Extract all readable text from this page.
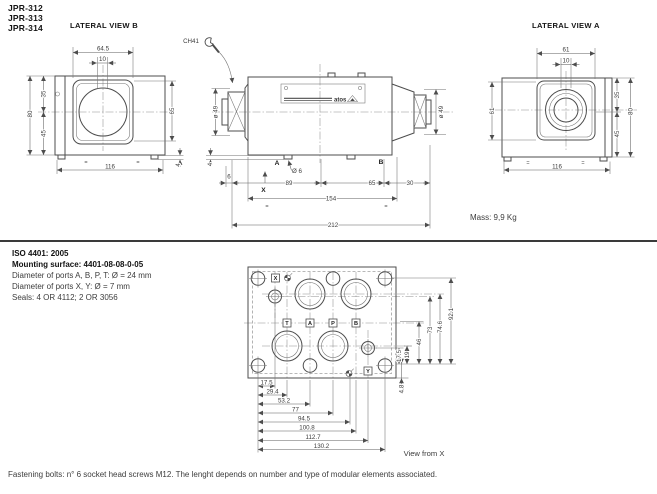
64.5
10
80
35
45
65
4
116
=	=
atos
CH41
A	B
X
4
6
89	65	30
Ø 6
154
212
=	=
ø 49	ø 49
61
10
61
35
45
80
116
=	=
X
T	A	P	B
Y
4.8
17.5 19
46
73 74.6
92.1
17.5
29.4
53.2
77
94.5
100.8
112.7
130.2
View from X
JPR-312
JPR-313
JPR-314	LATERAL VIEW B	LATERAL VIEW A
Mass: 9,9 Kg
ISO 4401: 2005
Mounting surface: 4401-08-08-0-05
Diameter of ports A, B, P, T: Ø = 24 mm
Diameter of ports X, Y: Ø = 7 mm
Seals: 4 OR 4112; 2 OR 3056
Fastening bolts: n° 6 socket head screws M12. The lenght depends on number and type of modular elements associated.
